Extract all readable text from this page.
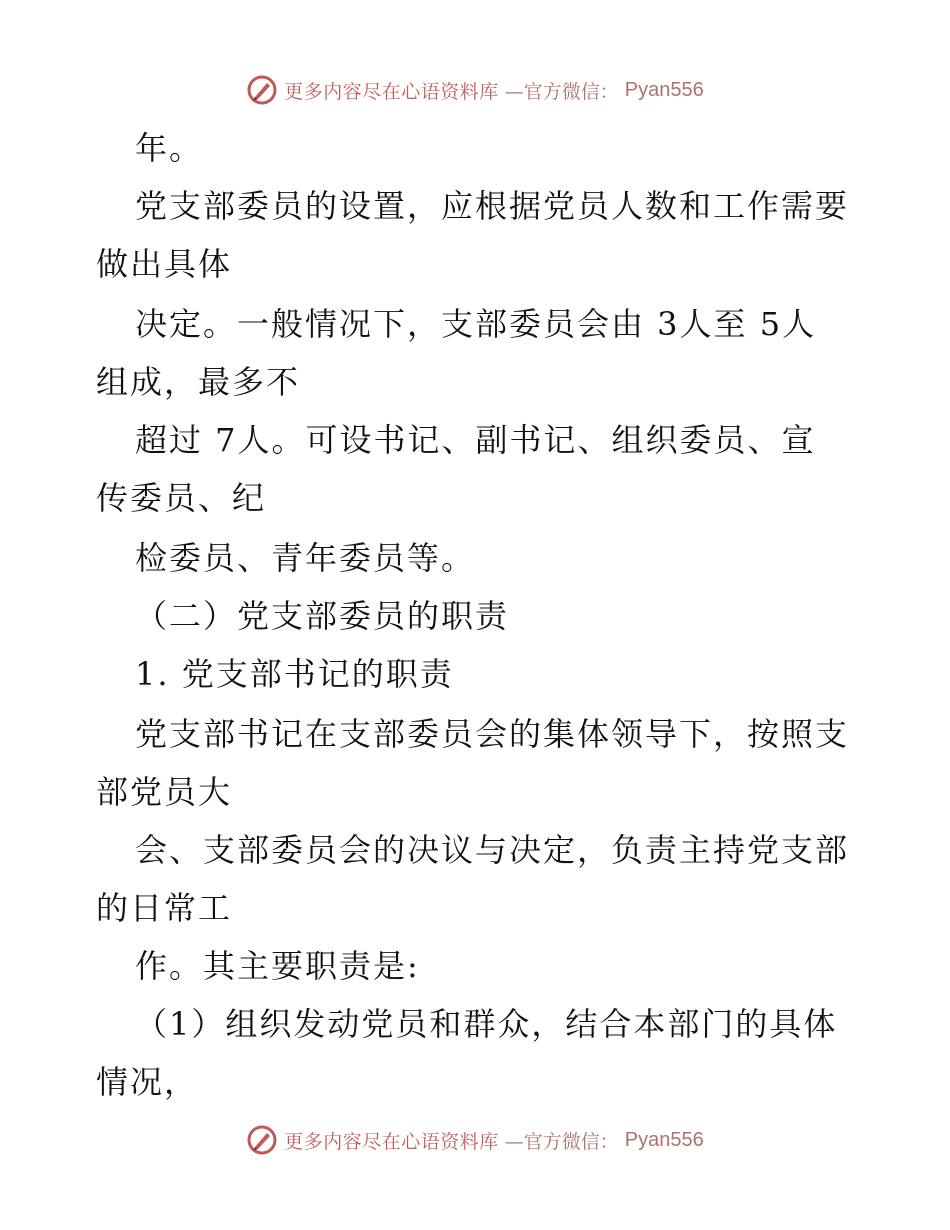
更多内容尽在心语资料库 —官方微信： Pyan556
年。
党支部委员的设置，应根据党员人数和工作需要
做出具体
决定。一般情况下，支部委员会由 3人至 5人
组成，最多不
超过 7人。可设书记、副书记、组织委员、宣
传委员、纪
检委员、青年委员等。
（二）党支部委员的职责
1. 党支部书记的职责
党支部书记在支部委员会的集体领导下，按照支
部党员大
会、支部委员会的决议与决定，负责主持党支部
的日常工
作。其主要职责是:
（1）组织发动党员和群众，结合本部门的具体
情况，
更多内容尽在心语资料库 —官方微信： Pyan556
